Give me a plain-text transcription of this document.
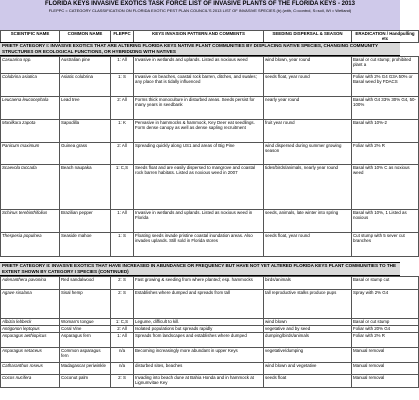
FLORIDA KEYS INVASIVE EXOTICS TASK FORCE LIST OF INVASIVE PLANTS OF THE FLORIDA KEYS - 2013
FLEPPC = CATEGORY CLASSIFICATION ON FLORIDA EXOTIC PEST PLAN COUNCIL'S 2013 LIST OF INVASIVE SPECIES (b) (with, C=control, S=soil, WI = Wetland)
SCIENTIFIC NAME	COMMON NAME	FLEPPC	KEYS INVASION PATTERN AND COMMENTS	SEEDING DISPERSAL & SEASON	ERADICATION / Handpulling etc
PRIETF CATEGORY I: INVASIVE EXOTICS THAT ARE ALTERING FLORIDA KEYS NATIVE PLANT COMMUNITIES BY DISPLACING NATIVE SPECIES, CHANGING COMMUNITY STRUCTURES OR ECOLOGICAL FUNCTIONS, OR HYBRIDIZING WITH NATIVES
Casuarina spp.	Australian pine	1: All	Invasive in wetlands and uplands. Listed as noxious weed	wind blown, year round	Basal or cut stump; prohibited plant a
Colubrina asiatica	Asiatic colubrina	1: S	Invasive on beaches, coastal rock barren, ditches, and swales; any place that is tidally influenced	seeds float, year round	Foliar with 2% G4 G3A 50% or Basal weed by FDACS
Leucaena leucocephala	Lead tree	2: All	Forms thick monoculture in disturbed areas. Seeds persist for many years in seedbank	nearly year round	Basal with G4 33% 30% G4, 50-100%
Manilkara zapota	Sapodilla	1: K	Pervasive in hammocks & hammock, Key Deer eat seedlings. Form dense canopy as well as dense sapling recruitment	fruit year round	Basal with 10%-2
Panicum maximum	Guinea grass	2: All	Spreading quickly along US1 and areas of Big Pine	wind dispersed during summer growing season	Foliar with 2% R
Scaevola taccada	Beach naupaka	1: C,S	Seeds float and are easily dispersed to mangrove and coastal rock barren habitats. Listed as noxious weed in 2007	tides/birds/animals, nearly year round	Basal with 10% C as noxious weed
Schinus terebinthifolius	Brazilian pepper	1: All	Invasive in wetlands and uplands. Listed as noxious weed in Florida	seeds, animals, late winter into spring	Basal with 10%, 1 Listed as noxious
Thespesia populnea	Seaside mahoe	1: S	Floating seeds invade pristine coastal inundation areas. Also invades uplands. Still sold in Florida stores	seeds float, year round	Cut stump with 5 sever cut branches
PRIETF CATEGORY II: INVASIVE EXOTICS THAT HAVE INCREASED IN ABUNDANCE OR FREQUENCY BUT HAVE NOT YET ALTERED FLORIDA KEYS PLANT COMMUNITIES TO THE EXTENT SHOWN BY CATEGORY I SPECIES (CONTINUED)
Adenanthera pavonina	Red sandalwood	2: S	Fast growing & seeding from where planted; esp. hammocks	birds/animals	Basal or stump cut
Agave sisalana	Sisal hemp	2: S	Establishes where dumped and spreads from tall	tall reproductive stalks produce pups	Spray with 2% G4
Albizia lebbeck	Woman's tongue	1: C,S	Legume, difficult to kill.	wind blown	Basal or cut stump
Antigonon leptopus	Coral Vine	2: All	Isolated populations but spreads rapidly	vegetative and by seed	Foliar with 20% G4
Asparagus aethiopicus	Asparagus fern	1: All	Spreads from landscapes and establishes where dumped	dumping/birds/animals	Foliar with 2% R
Asparagus setaceus	Common asparagus fern	n/a	Becoming increasingly more abundant in upper Keys	vegetative/dumping	Manual removal
Catharanthus roseus	Madagascar periwinkle	n/a	disturbed sites, beaches	wind blown and vegetative	Manual removal
Cocos nucifera	Coconut palm	2: S	Invading into beach dune at Bahia Honda and in hammock at Lignumvitae Key	seeds float	Manual removal
